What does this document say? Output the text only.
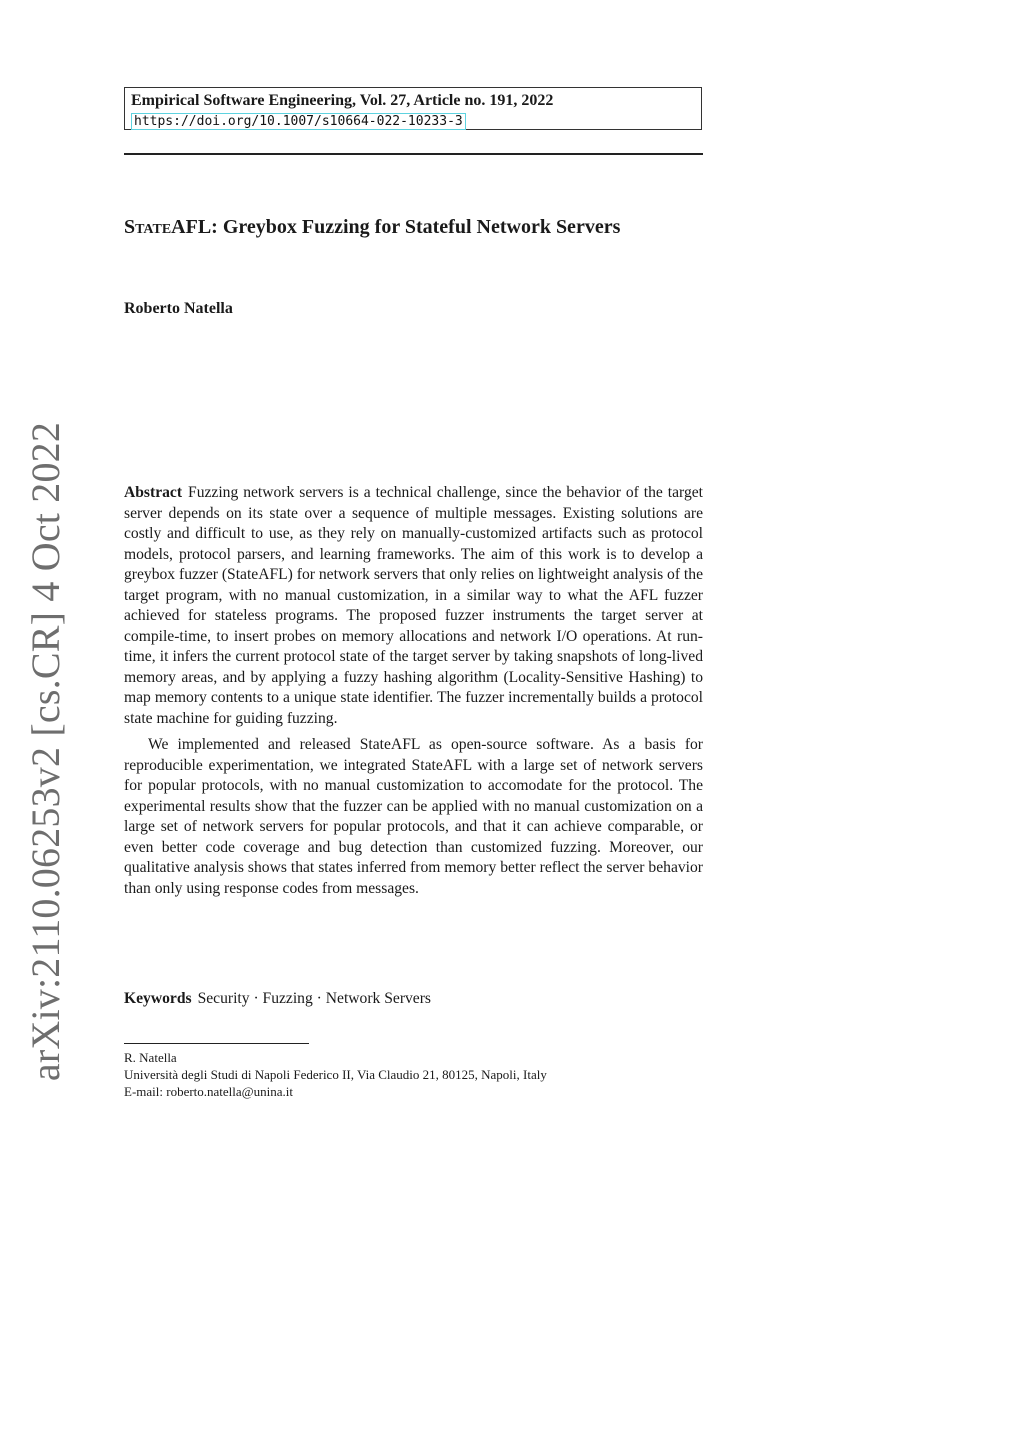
arXiv:2110.06253v2 [cs.CR] 4 Oct 2022
Empirical Software Engineering, Vol. 27, Article no. 191, 2022
https://doi.org/10.1007/s10664-022-10233-3
StateAFL: Greybox Fuzzing for Stateful Network Servers
Roberto Natella

Abstract Fuzzing network servers is a technical challenge, since the behavior of the target server depends on its state over a sequence of multiple messages. Existing solutions are costly and difficult to use, as they rely on manually-customized artifacts such as protocol models, protocol parsers, and learning frameworks. The aim of this work is to develop a greybox fuzzer (StateAFL) for network servers that only relies on lightweight analysis of the target program, with no manual customization, in a similar way to what the AFL fuzzer achieved for stateless programs. The proposed fuzzer instruments the target server at compile-time, to insert probes on memory allocations and network I/O operations. At run-time, it infers the current protocol state of the target server by taking snapshots of long-lived memory areas, and by applying a fuzzy hashing algorithm (Locality-Sensitive Hashing) to map memory contents to a unique state identifier. The fuzzer incrementally builds a protocol state machine for guiding fuzzing.

We implemented and released StateAFL as open-source software. As a basis for reproducible experimentation, we integrated StateAFL with a large set of network servers for popular protocols, with no manual customization to accomodate for the protocol. The experimental results show that the fuzzer can be applied with no manual customization on a large set of network servers for popular protocols, and that it can achieve comparable, or even better code coverage and bug detection than customized fuzzing. Moreover, our qualitative analysis shows that states inferred from memory better reflect the server behavior than only using response codes from messages.

Keywords Security · Fuzzing · Network Servers
R. Natella
Università degli Studi di Napoli Federico II, Via Claudio 21, 80125, Napoli, Italy
E-mail: roberto.natella@unina.it
